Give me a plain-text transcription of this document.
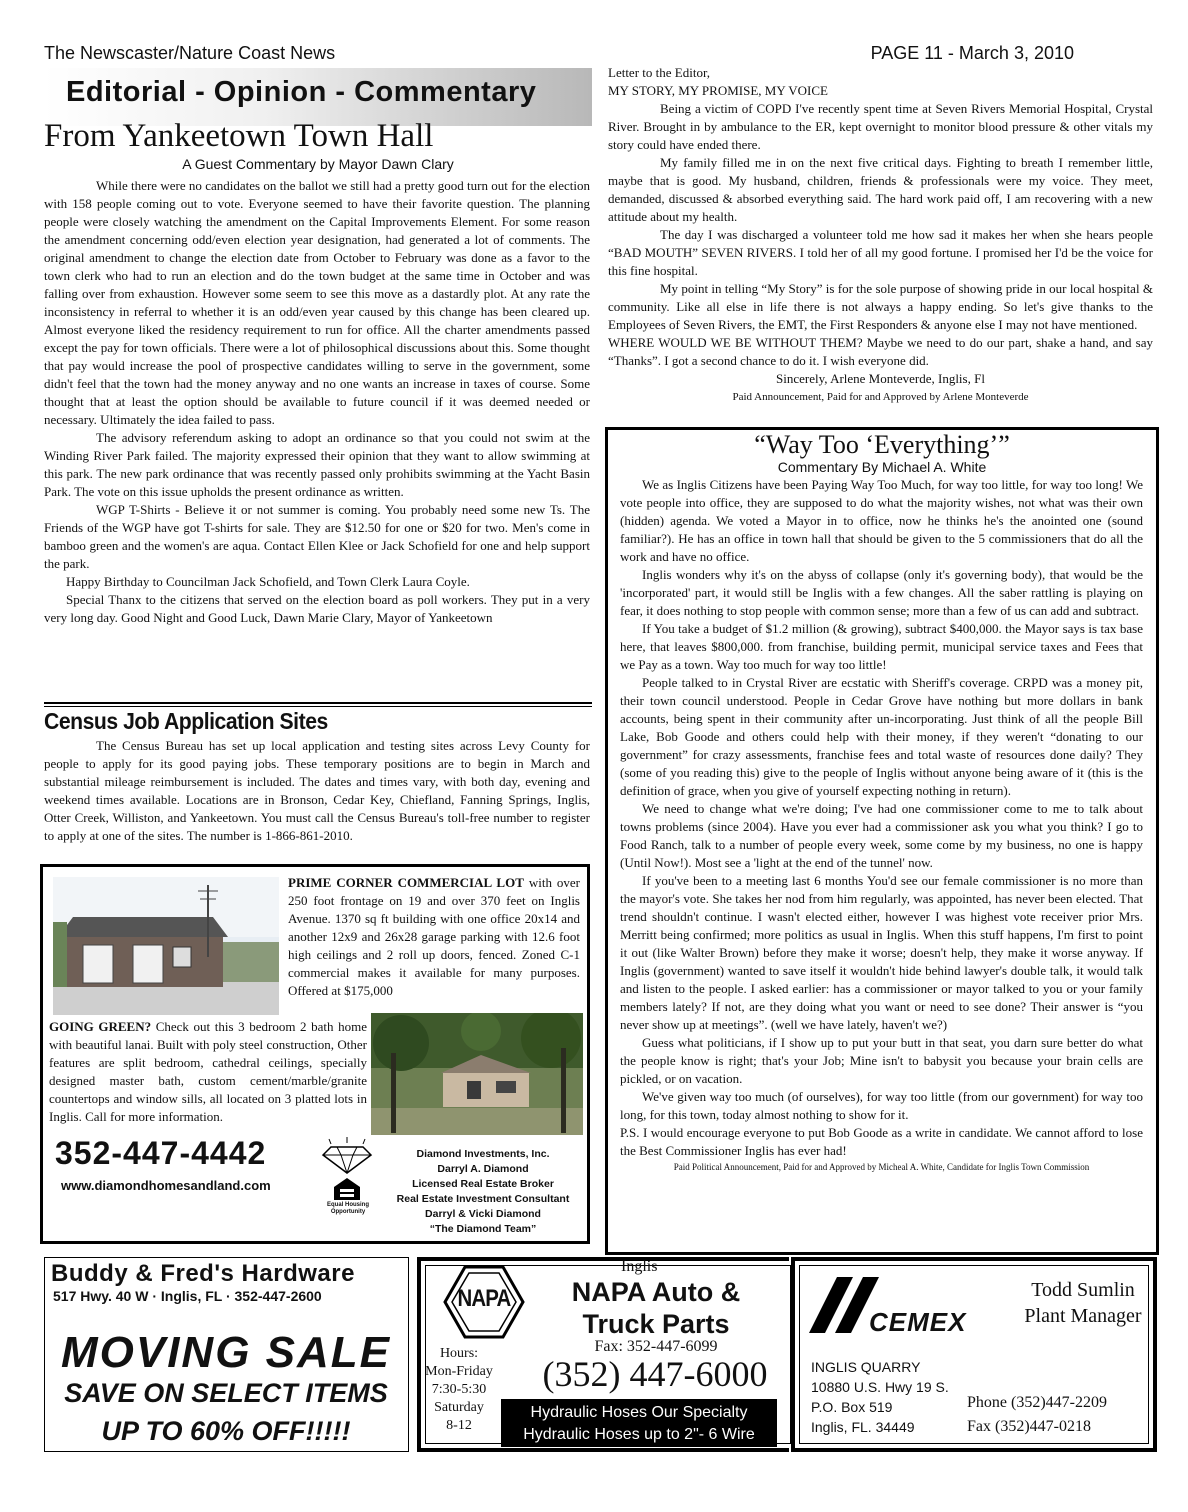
The Newscaster/Nature Coast News	PAGE 11 - March 3, 2010
Editorial - Opinion - Commentary
From Yankeetown Town Hall
A Guest Commentary by Mayor Dawn Clary

While there were no candidates on the ballot we still had a pretty good turn out for the election with 158 people coming out to vote. Everyone seemed to have their favorite question. The planning people were closely watching the amendment on the Capital Improvements Element. For some reason the amendment concerning odd/even election year designation, had generated a lot of comments. The original amendment to change the election date from October to February was done as a favor to the town clerk who had to run an election and do the town budget at the same time in October and was falling over from exhaustion. However some seem to see this move as a dastardly plot. At any rate the inconsistency in referral to whether it is an odd/even year caused by this change has been cleared up. Almost everyone liked the residency requirement to run for office. All the charter amendments passed except the pay for town officials. There were a lot of philosophical discussions about this. Some thought that pay would increase the pool of prospective candidates willing to serve in the government, some didn't feel that the town had the money anyway and no one wants an increase in taxes of course. Some thought that at least the option should be available to future council if it was deemed needed or necessary. Ultimately the idea failed to pass.

The advisory referendum asking to adopt an ordinance so that you could not swim at the Winding River Park failed. The majority expressed their opinion that they want to allow swimming at this park. The new park ordinance that was recently passed only prohibits swimming at the Yacht Basin Park. The vote on this issue upholds the present ordinance as written.

WGP T-Shirts - Believe it or not summer is coming. You probably need some new Ts. The Friends of the WGP have got T-shirts for sale. They are $12.50 for one or $20 for two. Men's come in bamboo green and the women's are aqua. Contact Ellen Klee or Jack Schofield for one and help support the park.

Happy Birthday to Councilman Jack Schofield, and Town Clerk Laura Coyle.

Special Thanx to the citizens that served on the election board as poll workers. They put in a very very long day. Good Night and Good Luck, Dawn Marie Clary, Mayor of Yankeetown

Census Job Application Sites

The Census Bureau has set up local application and testing sites across Levy County for people to apply for its good paying jobs. These temporary positions are to begin in March and substantial mileage reimbursement is included. The dates and times vary, with both day, evening and weekend times available. Locations are in Bronson, Cedar Key, Chiefland, Fanning Springs, Inglis, Otter Creek, Williston, and Yankeetown. You must call the Census Bureau's toll-free number to register to apply at one of the sites. The number is 1-866-861-2010.

PRIME CORNER COMMERCIAL LOT with over 250 foot frontage on 19 and over 370 feet on Inglis Avenue. 1370 sq ft building with one office 20x14 and another 12x9 and 26x28 garage parking with 12.6 foot high ceilings and 2 roll up doors, fenced. Zoned C-1 commercial makes it available for many purposes. Offered at $175,000
GOING GREEN? Check out this 3 bedroom 2 bath home with beautiful lanai. Built with poly steel construction, Other features are split bedroom, cathedral ceilings, specially designed master bath, custom cement/marble/granite countertops and window sills, all located on 3 platted lots in Inglis. Call for more information.
352-447-4442
www.diamondhomesandland.com
Equal Housing Opportunity
Diamond Investments, Inc.
Darryl A. Diamond
Licensed Real Estate Broker
Real Estate Investment Consultant
Darryl & Vicki Diamond
“The Diamond Team”

Letter to the Editor,

MY STORY, MY PROMISE, MY VOICE

Being a victim of COPD I've recently spent time at Seven Rivers Memorial Hospital, Crystal River. Brought in by ambulance to the ER, kept overnight to monitor blood pressure & other vitals my story could have ended there.

My family filled me in on the next five critical days. Fighting to breath I remember little, maybe that is good. My husband, children, friends & professionals were my voice. They meet, demanded, discussed & absorbed everything said. The hard work paid off, I am recovering with a new attitude about my health.

The day I was discharged a volunteer told me how sad it makes her when she hears people “BAD MOUTH” SEVEN RIVERS. I told her of all my good fortune. I promised her I'd be the voice for this fine hospital.

My point in telling “My Story” is for the sole purpose of showing pride in our local hospital & community. Like all else in life there is not always a happy ending. So let's give thanks to the Employees of Seven Rivers, the EMT, the First Responders & anyone else I may not have mentioned.

WHERE WOULD WE BE WITHOUT THEM? Maybe we need to do our part, shake a hand, and say “Thanks”. I got a second chance to do it. I wish everyone did.

Sincerely, Arlene Monteverde, Inglis, Fl

Paid Announcement, Paid for and Approved by Arlene Monteverde

“Way Too ‘Everything’”
Commentary By Michael A. White

We as Inglis Citizens have been Paying Way Too Much, for way too little, for way too long! We vote people into office, they are supposed to do what the majority wishes, not what was their own (hidden) agenda. We voted a Mayor in to office, now he thinks he's the anointed one (sound familiar?). He has an office in town hall that should be given to the 5 commissioners that do all the work and have no office.

Inglis wonders why it's on the abyss of collapse (only it's governing body), that would be the 'incorporated' part, it would still be Inglis with a few changes. All the saber rattling is playing on fear, it does nothing to stop people with common sense; more than a few of us can add and subtract.

If You take a budget of $1.2 million (& growing), subtract $400,000. the Mayor says is tax base here, that leaves $800,000. from franchise, building permit, municipal service taxes and Fees that we Pay as a town. Way too much for way too little!

People talked to in Crystal River are ecstatic with Sheriff's coverage. CRPD was a money pit, their town council understood. People in Cedar Grove have nothing but more dollars in bank accounts, being spent in their community after un-incorporating. Just think of all the people Bill Lake, Bob Goode and others could help with their money, if they weren't “donating to our government” for crazy assessments, franchise fees and total waste of resources done daily? They (some of you reading this) give to the people of Inglis without anyone being aware of it (this is the definition of grace, when you give of yourself expecting nothing in return).

We need to change what we're doing; I've had one commissioner come to me to talk about towns problems (since 2004). Have you ever had a commissioner ask you what you think? I go to Food Ranch, talk to a number of people every week, some come by my business, no one is happy (Until Now!). Most see a 'light at the end of the tunnel' now.

If you've been to a meeting last 6 months You'd see our female commissioner is no more than the mayor's vote. She takes her nod from him regularly, was appointed, has never been elected. That trend shouldn't continue. I wasn't elected either, however I was highest vote receiver prior Mrs. Merritt being confirmed; more politics as usual in Inglis. When this stuff happens, I'm first to point it out (like Walter Brown) before they make it worse; doesn't help, they make it worse anyway. If Inglis (government) wanted to save itself it wouldn't hide behind lawyer's double talk, it would talk and listen to the people. I asked earlier: has a commissioner or mayor talked to you or your family members lately? If not, are they doing what you want or need to see done? Their answer is “you never show up at meetings”. (well we have lately, haven't we?)

Guess what politicians, if I show up to put your butt in that seat, you darn sure better do what the people know is right; that's your Job; Mine isn't to babysit you because your brain cells are pickled, or on vacation.

We've given way too much (of ourselves), for way too little (from our government) for way too long, for this town, today almost nothing to show for it.

P.S. I would encourage everyone to put Bob Goode as a write in candidate. We cannot afford to lose the Best Commissioner Inglis has ever had!

Paid Political Announcement, Paid for and Approved by Micheal A. White, Candidate for Inglis Town Commission

Buddy & Fred's Hardware
517 Hwy. 40 W · Inglis, FL · 352-447-2600
MOVING SALE
SAVE ON SELECT ITEMS
UP TO 60% OFF!!!!!
NAPA
Inglis
NAPA Auto &
Truck Parts
Fax: 352-447-6099
(352) 447-6000
Hours:
Mon-Friday
7:30-5:30
Saturday
8-12
Hydraulic Hoses Our Specialty
Hydraulic Hoses up to 2"- 6 Wire
CEMEX
Todd Sumlin
Plant Manager
INGLIS QUARRY
10880 U.S. Hwy 19 S.
P.O. Box 519
Inglis, FL. 34449
Phone (352)447-2209
Fax (352)447-0218
